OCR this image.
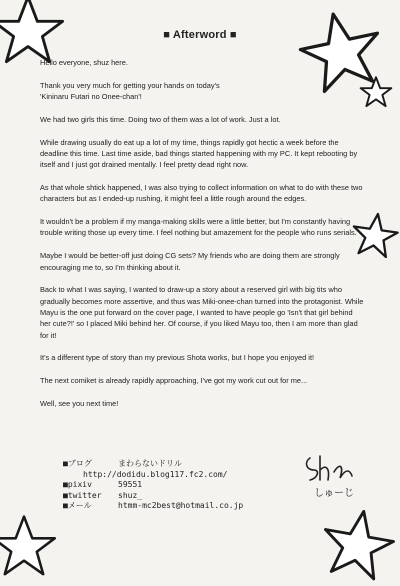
■ Afterword ■

Hello everyone, shuz here.

Thank you very much for getting your hands on today's
'Kininaru Futari no Onee-chan'!

We had two girls this time. Doing two of them was a lot of work. Just a lot.

While drawing usually do eat up a lot of my time, things rapidly got hectic a week before the deadline this time. Last time aside, bad things started happening with my PC. It kept rebooting by itself and I just got drained mentally. I feel pretty dead right now.

As that whole shtick happened, I was also trying to collect information on what to do with these two characters but as I ended-up rushing, it might feel a little rough around the edges.

It wouldn't be a problem if my manga-making skills were a little better, but I'm constantly having trouble writing those up every time. I feel nothing but amazement for the people who runs serials.

Maybe I would be better-off just doing CG sets? My friends who are doing them are strongly encouraging me to, so I'm thinking about it.

Back to what I was saying, I wanted to draw-up a story about a reserved girl with big tits who gradually becomes more assertive, and thus was Miki-onee-chan turned into the protagonist. While Mayu is the one put forward on the cover page, I wanted to have people go 'Isn't that girl behind her cute?!' so I placed Miki behind her. Of course, if you liked Mayu too, then I am more than glad for it!

It's a different type of story than my previous Shota works, but I hope you enjoyed it!

The next comiket is already rapidly approaching, I've got my work cut out for me...

Well, see you next time!

しゅーじ
■ブログ	まわらないドリル
http://dodidu.blog117.fc2.com/
■pixiv	59551
■twitter	shuz_
■メール	htmm-mc2best@hotmail.co.jp
